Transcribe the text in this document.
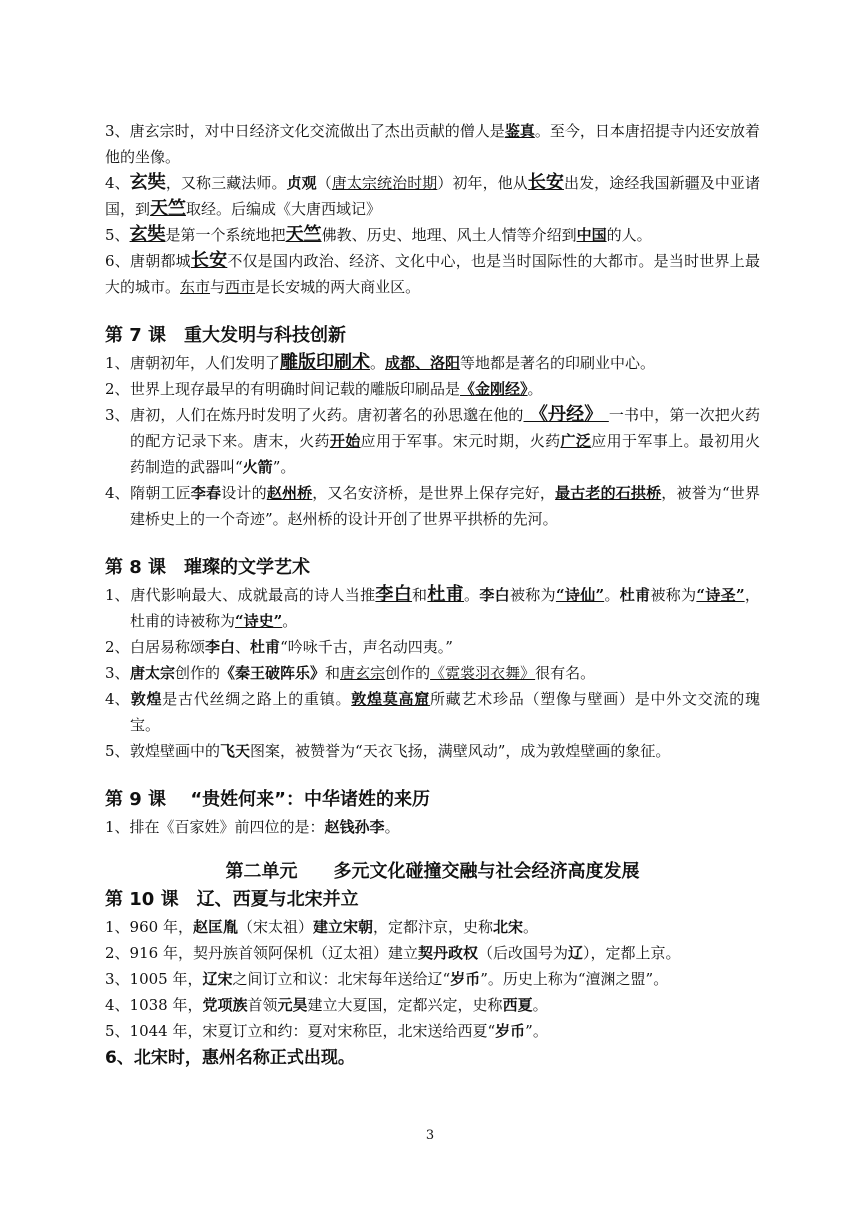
3、唐玄宗时，对中日经济文化交流做出了杰出贡献的僧人是鉴真。至今，日本唐招提寺内还安放着他的坐像。

4、玄奘，又称三藏法师。贞观（唐太宗统治时期）初年，他从长安出发，途经我国新疆及中亚诸国，到天竺取经。后编成《大唐西域记》

5、玄奘是第一个系统地把天竺佛教、历史、地理、风土人情等介绍到中国的人。

6、唐朝都城长安不仅是国内政治、经济、文化中心，也是当时国际性的大都市。是当时世界上最大的城市。东市与西市是长安城的两大商业区。

第 7 课　重大发明与科技创新

1、唐朝初年，人们发明了雕版印刷术。成都、洛阳等地都是著名的印刷业中心。

2、世界上现存最早的有明确时间记载的雕版印刷品是《金刚经》。

3、唐初，人们在炼丹时发明了火药。唐初著名的孙思邈在他的 《丹经》 一书中，第一次把火药的配方记录下来。唐末，火药开始应用于军事。宋元时期，火药广泛应用于军事上。最初用火药制造的武器叫“火箭”。

4、隋朝工匠李春设计的赵州桥，又名安济桥，是世界上保存完好，最古老的石拱桥，被誉为“世界建桥史上的一个奇迹”。赵州桥的设计开创了世界平拱桥的先河。

第 8 课　璀璨的文学艺术

1、唐代影响最大、成就最高的诗人当推李白和杜甫。李白被称为“诗仙”。杜甫被称为“诗圣”，杜甫的诗被称为“诗史”。

2、白居易称颂李白、杜甫“吟咏千古，声名动四夷。”

3、唐太宗创作的《秦王破阵乐》和唐玄宗创作的《霓裳羽衣舞》很有名。

4、敦煌是古代丝绸之路上的重镇。敦煌莫高窟所藏艺术珍品（塑像与壁画）是中外文交流的瑰宝。

5、敦煌壁画中的飞天图案，被赞誉为“天衣飞扬，满壁风动”，成为敦煌壁画的象征。

第 9 课　 “贵姓何来”：中华诸姓的来历

1、排在《百家姓》前四位的是：赵钱孙李。

第二单元　　多元文化碰撞交融与社会经济高度发展

第 10 课　辽、西夏与北宋并立

1、960 年，赵匡胤（宋太祖）建立宋朝，定都汴京，史称北宋。

2、916 年，契丹族首领阿保机（辽太祖）建立契丹政权（后改国号为辽），定都上京。

3、1005 年，辽宋之间订立和议：北宋每年送给辽“岁币”。历史上称为“澶渊之盟”。

4、1038 年，党项族首领元昊建立大夏国，定都兴定，史称西夏。

5、1044 年，宋夏订立和约：夏对宋称臣，北宋送给西夏“岁币”。

6、北宋时，惠州名称正式出现。

3
